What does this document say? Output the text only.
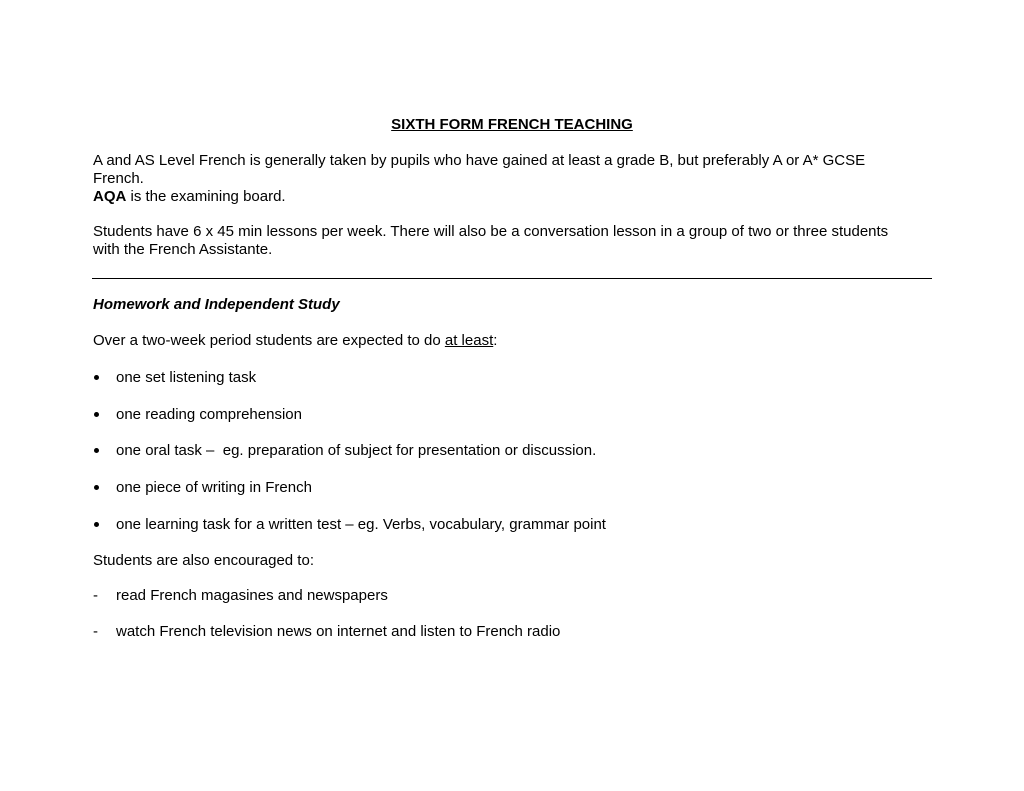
SIXTH FORM FRENCH TEACHING
A and AS Level French is generally taken by pupils who have gained at least a grade B, but preferably A or A* GCSE
French.
AQA is the examining board.
Students have 6 x 45 min lessons per week. There will also be a conversation lesson in a group of two or three students
with the French Assistante.
Homework and Independent Study
Over a two-week period students are expected to do at least:
one set listening task
one reading comprehension
one oral task –  eg. preparation of subject for presentation or discussion.
one piece of writing in French
one learning task for a written test – eg. Verbs, vocabulary, grammar point
Students are also encouraged to:
-	read French magasines and newspapers
-	watch French television news on internet and listen to French radio
